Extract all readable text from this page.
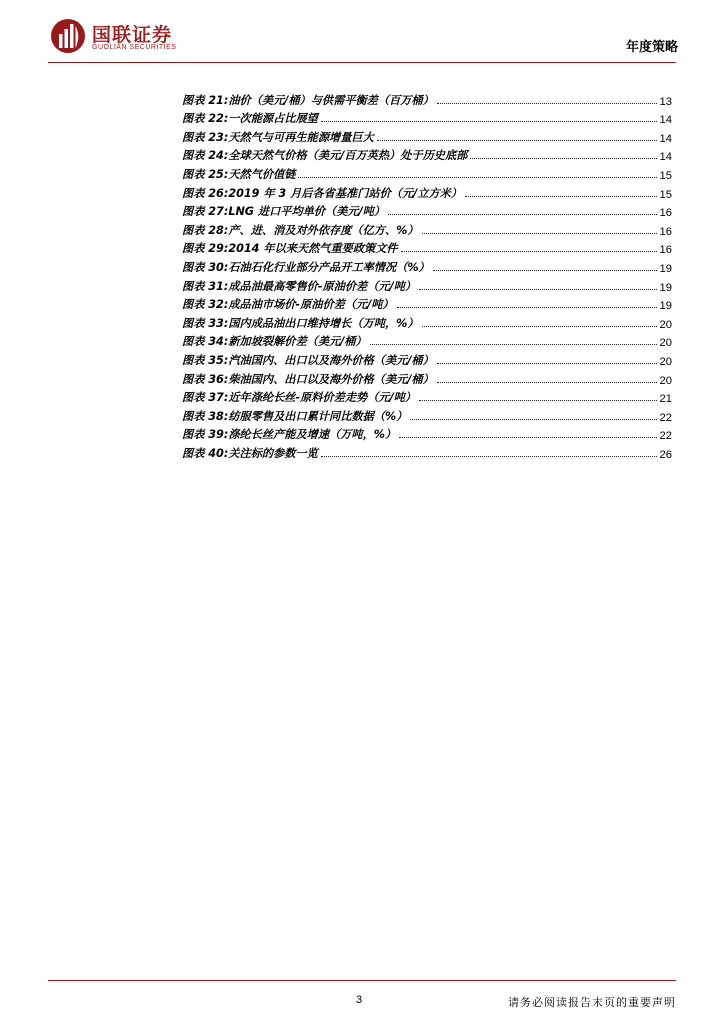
国联证券
GUOLIAN SECURITIES	年度策略
图表 21: 油价（美元/桶）与供需平衡差（百万桶）	13
图表 22: 一次能源占比展望	14
图表 23: 天然气与可再生能源增量巨大	14
图表 24: 全球天然气价格（美元/百万英热）处于历史底部	14
图表 25: 天然气价值链	15
图表 26: 2019 年 3 月后各省基准门站价（元/立方米）	15
图表 27: LNG 进口平均单价（美元/吨）	16
图表 28: 产、进、消及对外依存度（亿方、%）	16
图表 29: 2014 年以来天然气重要政策文件	16
图表 30: 石油石化行业部分产品开工率情况（%）	19
图表 31: 成品油最高零售价-原油价差（元/吨）	19
图表 32: 成品油市场价-原油价差（元/吨）	19
图表 33: 国内成品油出口维持增长（万吨，%）	20
图表 34: 新加坡裂解价差（美元/桶）	20
图表 35: 汽油国内、出口以及海外价格（美元/桶）	20
图表 36: 柴油国内、出口以及海外价格（美元/桶）	20
图表 37: 近年涤纶长丝-原料价差走势（元/吨）	21
图表 38: 纺服零售及出口累计同比数据（%）	22
图表 39: 涤纶长丝产能及增速（万吨，%）	22
图表 40: 关注标的参数一览	26
3	请务必阅读报告末页的重要声明
